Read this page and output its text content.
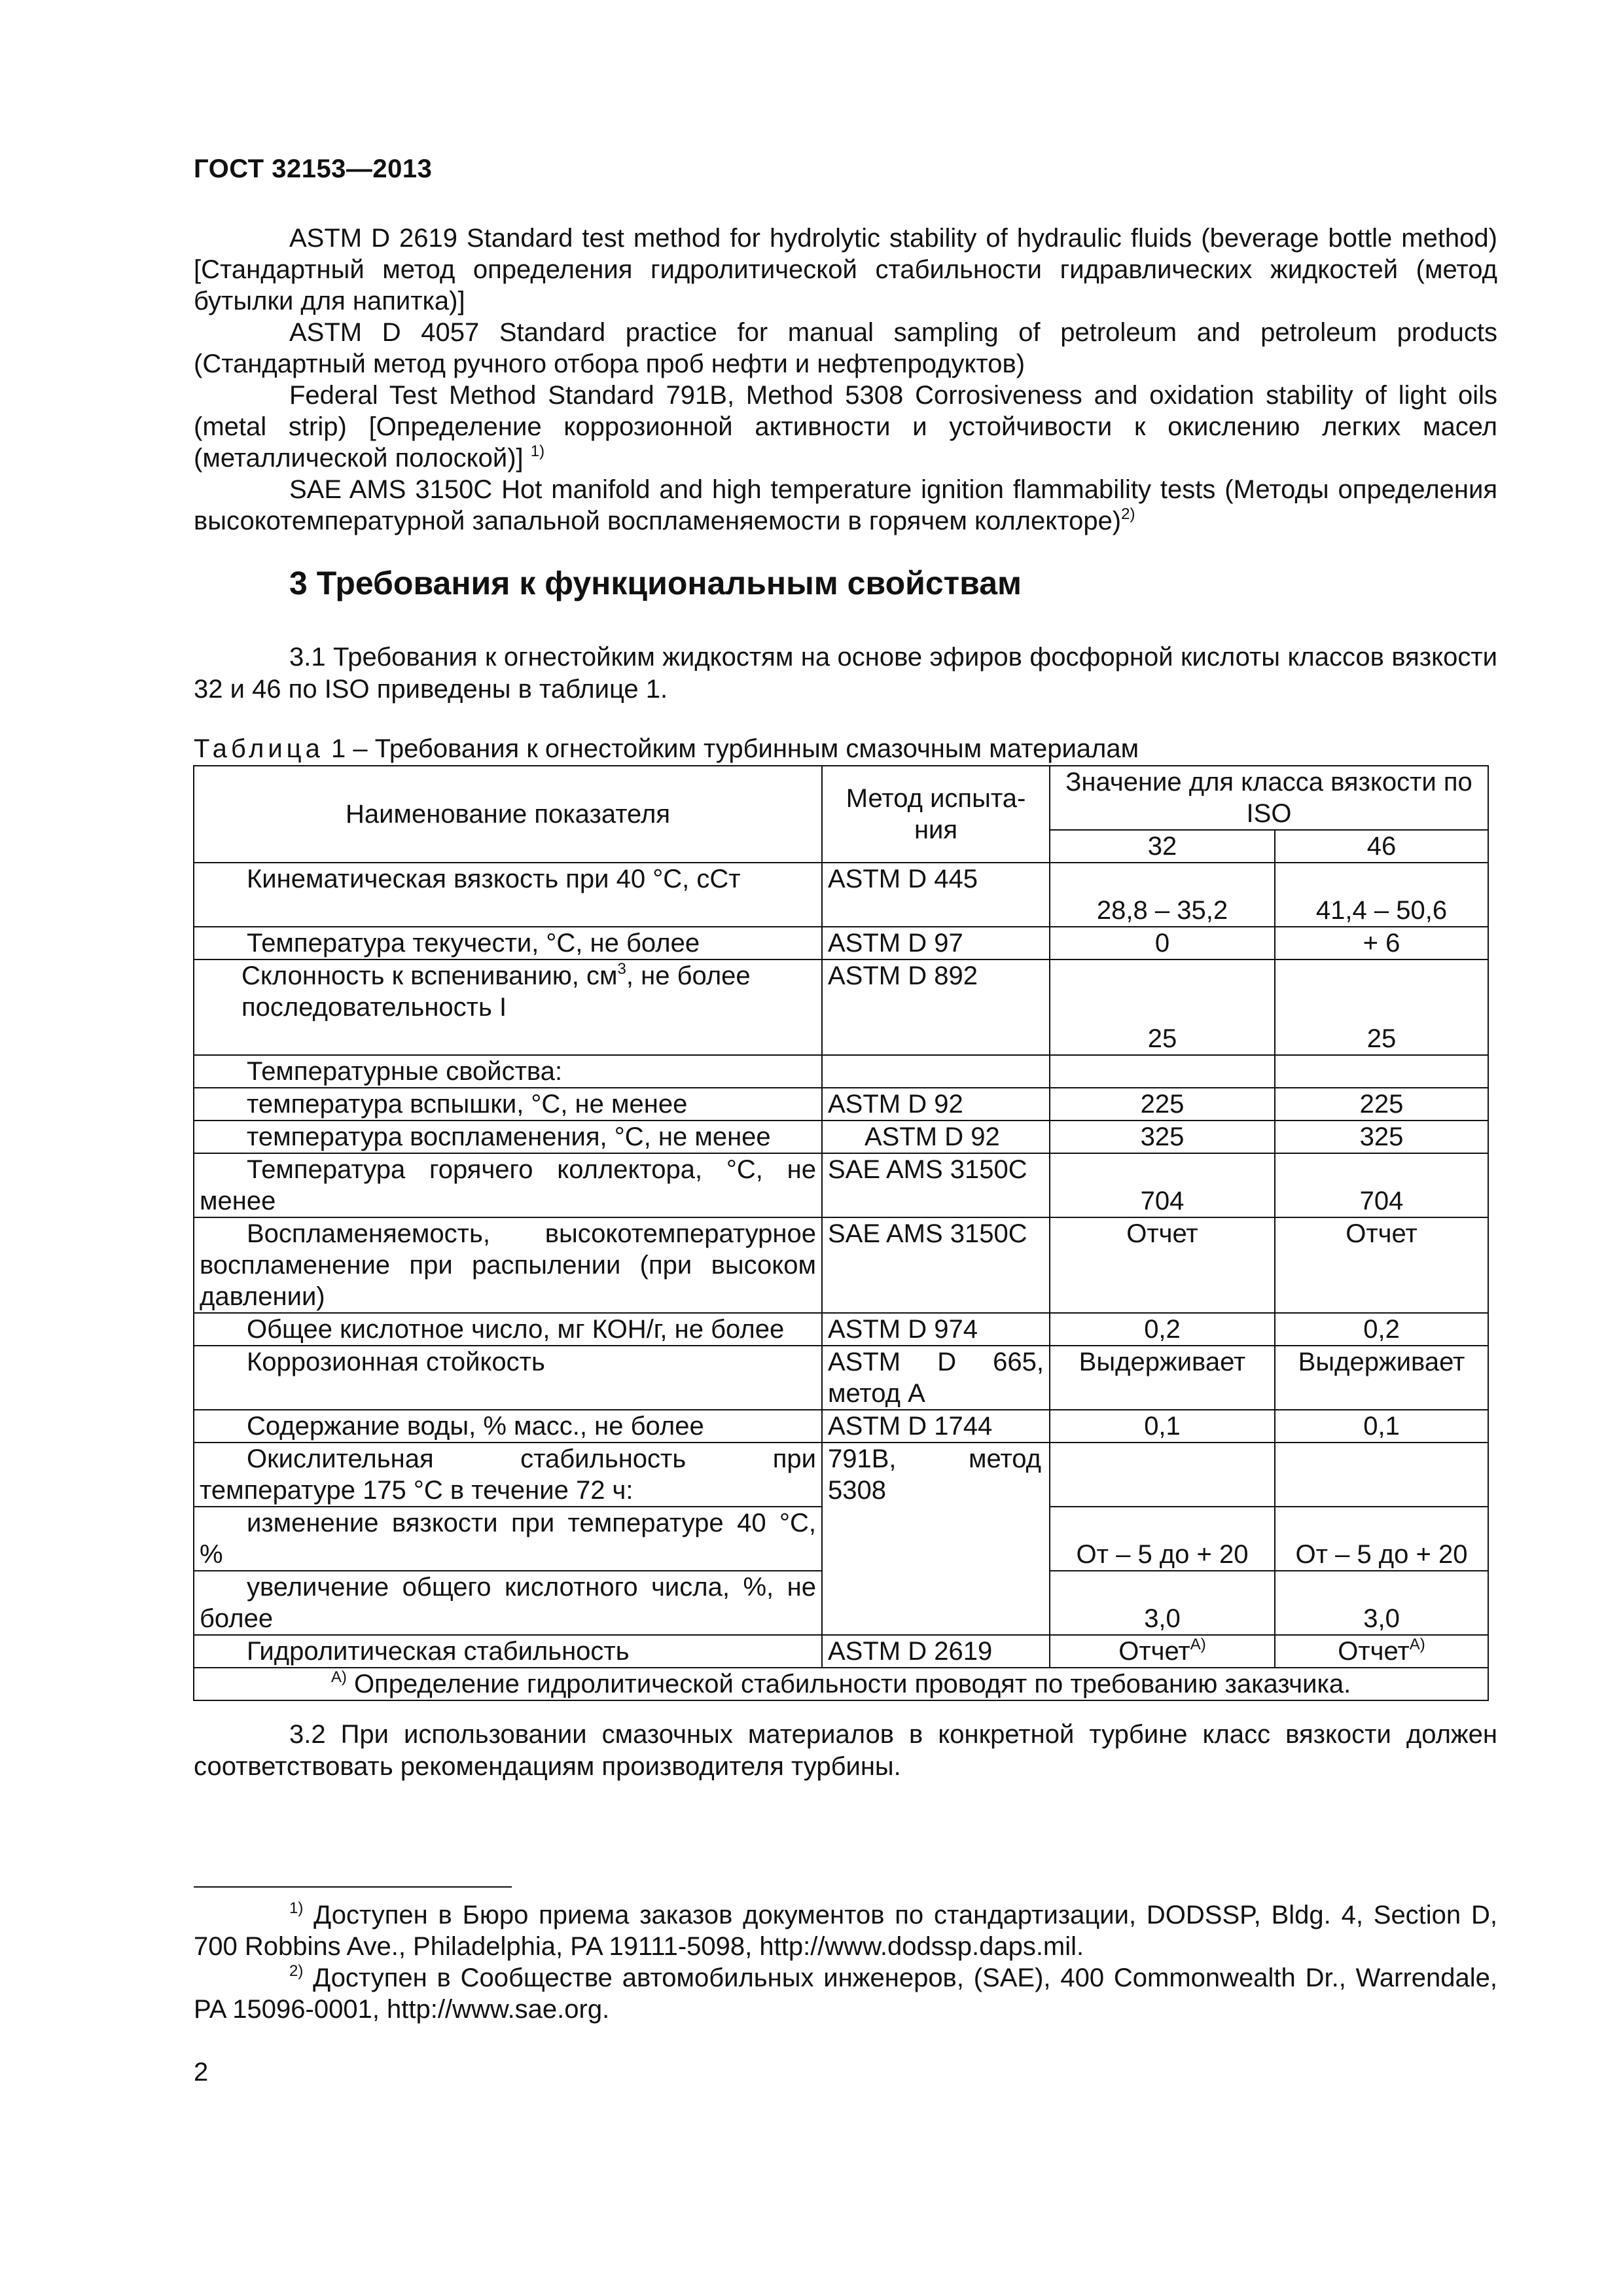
ГОСТ 32153—2013

ASTM D 2619 Standard test method for hydrolytic stability of hydraulic fluids (beverage bottle method) [Стандартный метод определения гидролитической стабильности гидравлических жидкостей (метод бутылки для напитка)]

ASTM D 4057 Standard practice for manual sampling of petroleum and petroleum products (Стандартный метод ручного отбора проб нефти и нефтепродуктов)

Federal Test Method Standard 791B, Method 5308 Corrosiveness and oxidation stability of light oils (metal strip) [Определение коррозионной активности и устойчивости к окислению легких масел (металлической полоской)] $^{1)}$

SAE AMS 3150C Hot manifold and high temperature ignition flammability tests (Методы определения высокотемпературной запальной воспламеняемости в горячем коллекторе)$^{2)}$

3 Требования к функциональным свойствам

3.1 Требования к огнестойким жидкостям на основе эфиров фосфорной кислоты классов вязкости 32 и 46 по ISO приведены в таблице 1.

Таблица 1 – Требования к огнестойким турбинным смазочным материалам
Наименование показателя	Метод испыта-ния	Значение для класса вязкости по ISO	
		32	46
Кинематическая вязкость при 40 °С, сСт	ASTM D 445	28,8 – 35,2	41,4 – 50,6
Температура текучести, °С, не более	ASTM D 97	0	+ 6
Склонность к вспениванию, $см^3$, не более последовательность I	ASTM D 892	25	25
Температурные свойства:			
температура вспышки, °С, не менее	ASTM D 92	225	225
температура воспламенения, °С, не менее	ASTM D 92	325	325
Температура горячего коллектора, °С, не менее	SAE AMS 3150C	704	704
Воспламеняемость, высокотемпературное воспламенение при распылении (при высоком давлении)	SAE AMS 3150C	Отчет	Отчет
Общее кислотное число, мг КОН/г, не более	ASTM D 974	0,2	0,2
Коррозионная стойкость	ASTM D 665, метод А	Выдерживает	Выдерживает
Содержание воды, % масс., не более	ASTM D 1744	0,1	0,1
Окислительная стабильность при температуре 175 °С в течение 72 ч:	791B, метод 5308		
изменение вязкости при температуре 40 °С, %		От – 5 до + 20	От – 5 до + 20
увеличение общего кислотного числа, %, не более		3,0	3,0
Гидролитическая стабильность	ASTM D 2619	Отчет$^{А)}$	Отчет$^{А)}$
$^{А)}$ Определение гидролитической стабильности проводят по требованию заказчика.			

3.2 При использовании смазочных материалов в конкретной турбине класс вязкости должен соответствовать рекомендациям производителя турбины.

$^{1)}$ Доступен в Бюро приема заказов документов по стандартизации, DODSSP, Bldg. 4, Section D, 700 Robbins Ave., Philadelphia, PA 19111-5098, http://www.dodssp.daps.mil.

$^{2)}$ Доступен в Сообществе автомобильных инженеров, (SAE), 400 Commonwealth Dr., Warrendale, PA 15096-0001, http://www.sae.org.

2
